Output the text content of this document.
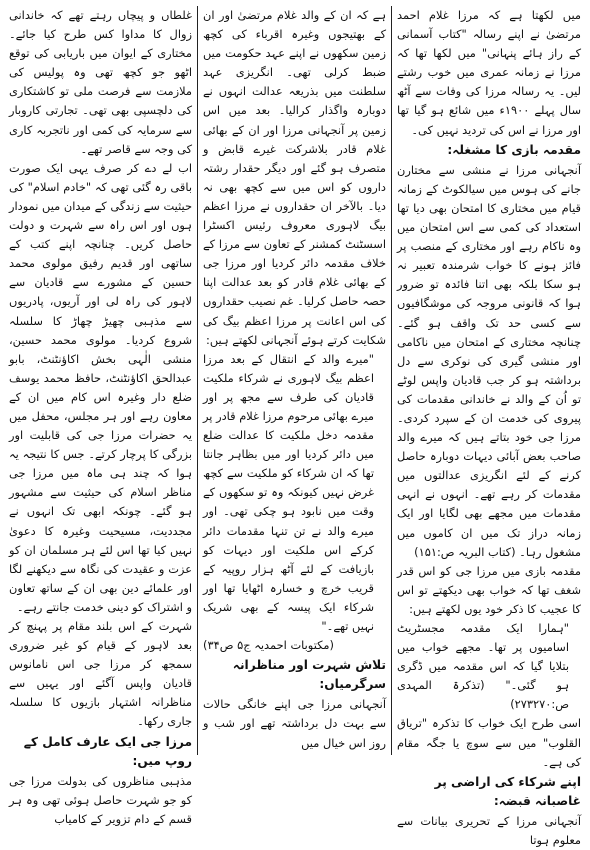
میں لکھتا ہے کہ مرزا غلام احمد مرتضیٰ نے اپنے رسالہ "کتاب آسمانی کے راز ہائے پنہانی" میں لکھا تھا کہ مرزا نے زمانہ عمری میں خوب رشتے لیں۔ یہ رسالہ مرزا کی وفات سے آٹھ سال پہلے ۱۹۰۰ء میں شائع ہو گیا تھا اور مرزا نے اس کی تردید نہیں کی۔

مقدمہ بازی کا مشغلہ:

آنجہانی مرزا نے منشی سے مختارن جانے کی ہوس میں سیالکوٹ کے زمانہ قیام میں مختاری کا امتحان بھی دیا تھا استعداد کی کمی سے اس امتحان میں وہ ناکام رہے اور مختاری کے منصب پر فائز ہونے کا خواب شرمندہ تعبیر نہ ہو سکا بلکہ بھی اتنا فائدہ تو ضرور ہوا کہ قانونی مروجہ کی موشگافیوں سے کسی حد تک واقف ہو گئے۔ چنانچہ مختاری کے امتحان میں ناکامی اور منشی گیری کی نوکری سے دل برداشتہ ہو کر جب قادیان واپس لوٹے تو اُن کے والد نے خاندانی مقدمات کی پیروی کی خدمت ان کے سپرد کردی۔ مرزا جی خود بتاتے ہیں کہ میرے والد صاحب بعض آبائی دیہات دوبارہ حاصل کرنے کے لئے انگریزی عدالتوں میں مقدمات کر رہے تھے۔ انہوں نے انہی مقدمات میں مجھے بھی لگایا اور ایک زمانہ دراز تک میں ان کاموں میں مشغول رہا۔ (کتاب البریہ ص:۱۵۱)

مقدمہ بازی میں مرزا جی کو اس قدر شغف تھا کہ خواب بھی دیکھتے تو اس کا عجیب کا ذکر خود یوں لکھتے ہیں:

"ہمارا ایک مقدمہ مجسٹریٹ اسامیوں پر تھا۔ مجھے خواب میں بتلایا گیا کہ اس مقدمہ میں ڈگری ہو گئی۔" (تذکرۃ المہدی ص:۲۷۳۲۷۰)

اسی طرح ایک خواب کا تذکرہ "تریاق القلوب" میں سے سوچ یا جگہ مقام کی ہے۔

اپنے شرکاء کی اراضی پر غاصبانہ قبضہ:

آنجہانی مرزا کے تحریری بیانات سے معلوم ہوتا

ہے کہ ان کے والد غلام مرتضیٰ اور ان کے بھتیجوں وغیرہ اقرباء کی کچھ زمین سکھوں نے اپنے عہد حکومت میں ضبط کرلی تھی۔ انگریزی عہد سلطنت میں بذریعہ عدالت انہوں نے دوبارہ واگذار کرالیا۔ بعد میں اس زمین پر آنجہانی مرزا اور ان کے بھائی غلام قادر بلاشرکت غیرے قابض و متصرف ہو گئے اور دیگر حقدار رشتہ داروں کو اس میں سے کچھ بھی نہ دیا۔ بالآخر ان حقداروں نے مرزا اعظم بیگ لاہوری معروف رئیس اکسٹرا اسسٹنٹ کمشنر کے تعاون سے مرزا کے خلاف مقدمہ دائر کردیا اور مرزا جی کے بھائی غلام قادر کو بعد عدالت اپنا حصہ حاصل کرلیا۔ غم نصیب حقداروں کی اس اعانت پر مرزا اعظم بیگ کی شکایت کرتے ہوئے آنجہانی لکھتے ہیں:

"میرے والد کے انتقال کے بعد مرزا اعظم بیگ لاہوری نے شرکاء ملکیت قادیان کی طرف سے مجھ پر اور میرے بھائی مرحوم مرزا غلام قادر پر مقدمہ دخل ملکیت کا عدالت ضلع میں دائر کردیا اور میں بظاہر جانتا تھا کہ ان شرکاء کو ملکیت سے کچھ غرض نہیں کیونکہ وہ تو سکھوں کے وقت میں نابود ہو چکی تھی۔ اور میرے والد نے تن تنہا مقدمات دائر کرکے اس ملکیت اور دیہات کو بازیافت کے لئے آٹھ ہزار روپیہ کے قریب خرچ و خسارہ اٹھایا تھا اور شرکاء ایک پیسہ کے بھی شریک نہیں تھے۔"

(مکتوبات احمدیہ ج۵ ص۳۴)

تلاش شہرت اور مناظرانہ سرگرمیاں:

آنجہانی مرزا جی اپنے خانگی حالات سے بہت دل برداشتہ تھے اور شب و روز اس خیال میں

غلطاں و پیچاں رہتے تھے کہ خاندانی زوال کا مداوا کس طرح کیا جائے۔ مختاری کے ایوان میں باریابی کی توقع اٹھو جو کچھ تھی وہ پولیس کی ملازمت سے فرصت ملی تو کاشتکاری کی دلچسپی بھی تھی۔ تجارتی کاروبار سے سرمایہ کی کمی اور ناتجربہ کاری کی وجہ سے قاصر تھے۔

اب لے دے کر صرف یہی ایک صورت باقی رہ گئی تھی کہ "خادم اسلام" کی حیثیت سے زندگی کے میدان میں نمودار ہوں اور اس راہ سے شہرت و دولت حاصل کریں۔ چنانچہ اپنے کتب کے ساتھی اور قدیم رفیق مولوی محمد حسین کے مشورے سے قادیان سے لاہور کی راہ لی اور آریوں، پادریوں سے مذہبی چھیڑ چھاڑ کا سلسلہ شروع کردیا۔ مولوی محمد حسین، منشی الٰہی بخش اکاؤنٹنٹ، بابو عبدالحق اکاؤنٹنٹ، حافظ محمد یوسف ضلع دار وغیرہ اس کام میں ان کے معاون رہے اور ہر مجلس، محفل میں یہ حضرات مرزا جی کی قابلیت اور بزرگی کا پرچار کرتے۔ جس کا نتیجہ یہ ہوا کہ چند ہی ماہ میں مرزا جی مناظر اسلام کی حیثیت سے مشہور ہو گئے۔ چونکہ ابھی تک انہوں نے مجددیت، مسیحیت وغیرہ کا دعویٰ نہیں کیا تھا اس لئے ہر مسلمان ان کو عزت و عقیدت کی نگاہ سے دیکھنے لگا اور علمائے دین بھی ان کے ساتھ تعاون و اشتراک کو دینی خدمت جانتے رہے۔

شہرت کے اس بلند مقام پر پہنچ کر بعد لاہور کے قیام کو غیر ضروری سمجھ کر مرزا جی اس نامانوس قادیان واپس آگئے اور یہیں سے مناظرانہ اشتہار بازیوں کا سلسلہ جاری رکھا۔

مرزا جی ایک عارف کامل کے روپ میں:

مذہبی مناظروں کی بدولت مرزا جی کو جو شہرت حاصل ہوئی تھی وہ ہر قسم کے دام تزویر کے کامیاب
